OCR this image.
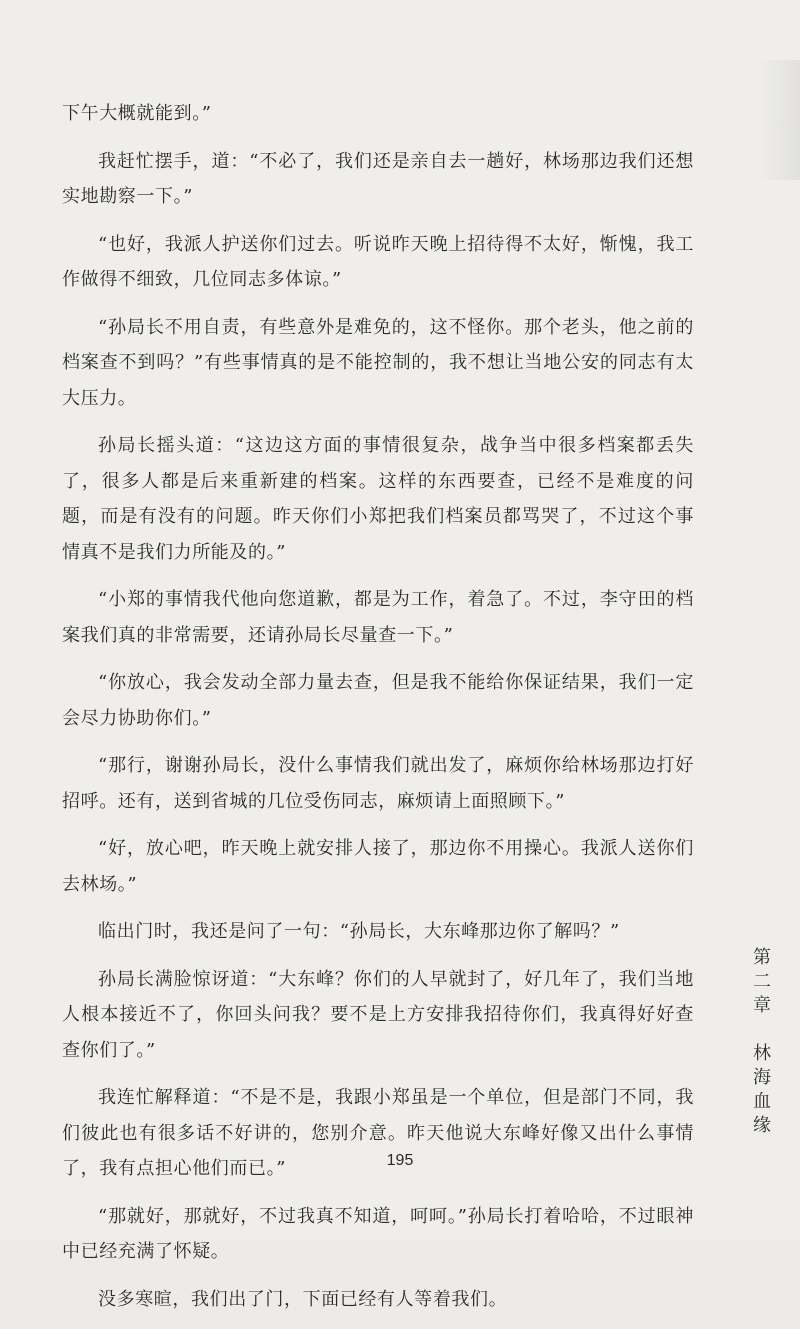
下午大概就能到。”

我赶忙摆手，道：“不必了，我们还是亲自去一趟好，林场那边我们还想实地勘察一下。”

“也好，我派人护送你们过去。听说昨天晚上招待得不太好，惭愧，我工作做得不细致，几位同志多体谅。”

“孙局长不用自责，有些意外是难免的，这不怪你。那个老头，他之前的档案查不到吗？”有些事情真的是不能控制的，我不想让当地公安的同志有太大压力。

孙局长摇头道：“这边这方面的事情很复杂，战争当中很多档案都丢失了，很多人都是后来重新建的档案。这样的东西要查，已经不是难度的问题，而是有没有的问题。昨天你们小郑把我们档案员都骂哭了，不过这个事情真不是我们力所能及的。”

“小郑的事情我代他向您道歉，都是为工作，着急了。不过，李守田的档案我们真的非常需要，还请孙局长尽量查一下。”

“你放心，我会发动全部力量去查，但是我不能给你保证结果，我们一定会尽力协助你们。”

“那行，谢谢孙局长，没什么事情我们就出发了，麻烦你给林场那边打好招呼。还有，送到省城的几位受伤同志，麻烦请上面照顾下。”

“好，放心吧，昨天晚上就安排人接了，那边你不用操心。我派人送你们去林场。”

临出门时，我还是问了一句：“孙局长，大东峰那边你了解吗？”

孙局长满脸惊讶道：“大东峰？你们的人早就封了，好几年了，我们当地人根本接近不了，你回头问我？要不是上方安排我招待你们，我真得好好查查你们了。”

我连忙解释道：“不是不是，我跟小郑虽是一个单位，但是部门不同，我们彼此也有很多话不好讲的，您别介意。昨天他说大东峰好像又出什么事情了，我有点担心他们而已。”

“那就好，那就好，不过我真不知道，呵呵。”孙局长打着哈哈，不过眼神中已经充满了怀疑。

没多寒暄，我们出了门，下面已经有人等着我们。

第
二
章
林
海
血
缘
195
